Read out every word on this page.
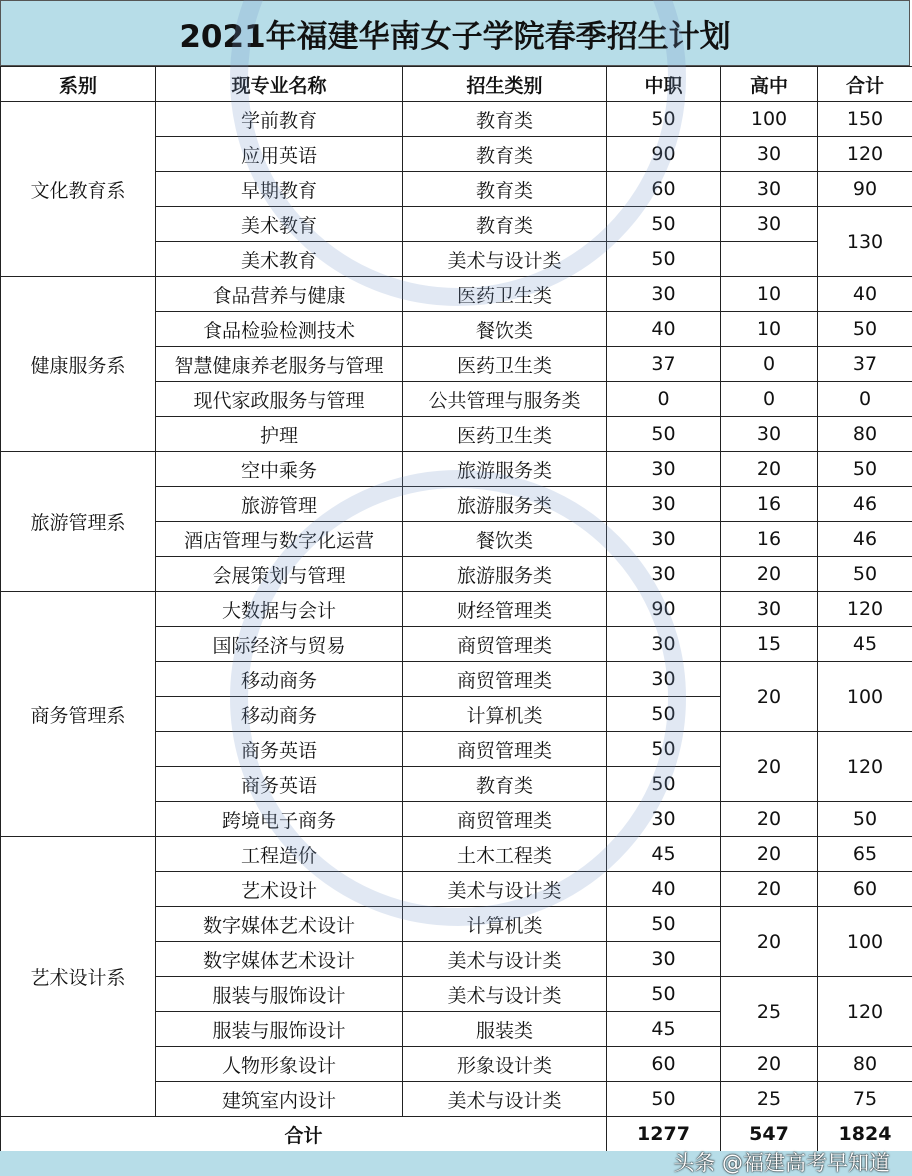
2021年福建华南女子学院春季招生计划
系别	现专业名称	招生类别	中职	高中	合计
文化教育系	学前教育	教育类	50	100	150
	应用英语	教育类	90	30	120
	早期教育	教育类	60	30	90
	美术教育	教育类	50	30	130
	美术教育	美术与设计类	50		
健康服务系	食品营养与健康	医药卫生类	30	10	40
	食品检验检测技术	餐饮类	40	10	50
	智慧健康养老服务与管理	医药卫生类	37	0	37
	现代家政服务与管理	公共管理与服务类	0	0	0
	护理	医药卫生类	50	30	80
旅游管理系	空中乘务	旅游服务类	30	20	50
	旅游管理	旅游服务类	30	16	46
	酒店管理与数字化运营	餐饮类	30	16	46
	会展策划与管理	旅游服务类	30	20	50
商务管理系	大数据与会计	财经管理类	90	30	120
	国际经济与贸易	商贸管理类	30	15	45
	移动商务	商贸管理类	30	20	100
	移动商务	计算机类	50		
	商务英语	商贸管理类	50	20	120
	商务英语	教育类	50		
	跨境电子商务	商贸管理类	30	20	50
艺术设计系	工程造价	土木工程类	45	20	65
	艺术设计	美术与设计类	40	20	60
	数字媒体艺术设计	计算机类	50	20	100
	数字媒体艺术设计	美术与设计类	30		
	服装与服饰设计	美术与设计类	50	25	120
	服装与服饰设计	服装类	45		
	人物形象设计	形象设计类	60	20	80
	建筑室内设计	美术与设计类	50	25	75
合计			1277	547	1824
头条 @福建高考早知道
